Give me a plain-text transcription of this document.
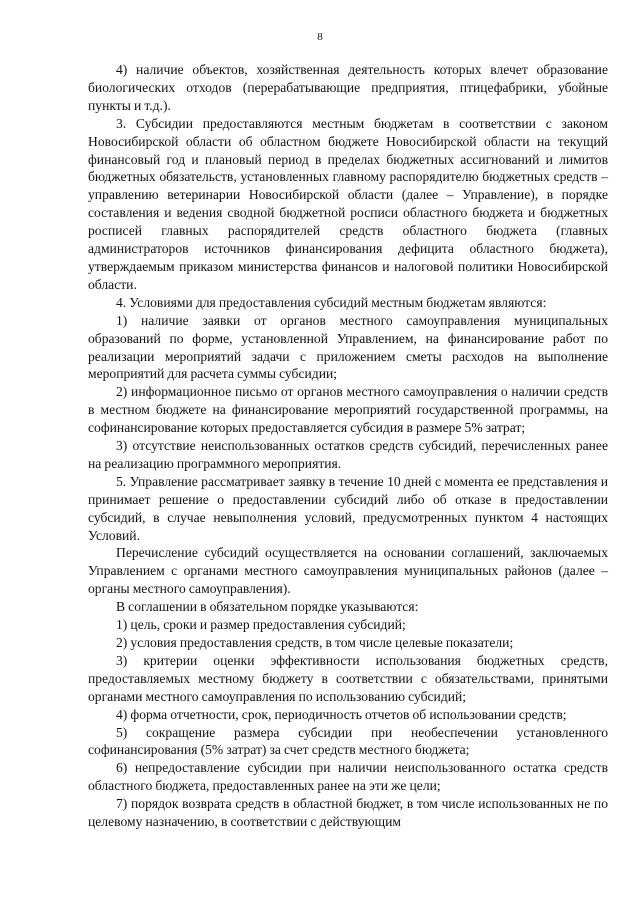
8

4) наличие объектов, хозяйственная деятельность которых влечет образование биологических отходов (перерабатывающие предприятия, птицефабрики, убойные пункты и т.д.).

3. Субсидии предоставляются местным бюджетам в соответствии с законом Новосибирской области об областном бюджете Новосибирской области на текущий финансовый год и плановый период в пределах бюджетных ассигнований и лимитов бюджетных обязательств, установленных главному распорядителю бюджетных средств – управлению ветеринарии Новосибирской области (далее – Управление), в порядке составления и ведения сводной бюджетной росписи областного бюджета и бюджетных росписей главных распорядителей средств областного бюджета (главных администраторов источников финансирования дефицита областного бюджета), утверждаемым приказом министерства финансов и налоговой политики Новосибирской области.

4. Условиями для предоставления субсидий местным бюджетам являются:

1) наличие заявки от органов местного самоуправления муниципальных образований по форме, установленной Управлением, на финансирование работ по реализации мероприятий задачи с приложением сметы расходов на выполнение мероприятий для расчета суммы субсидии;

2) информационное письмо от органов местного самоуправления о наличии средств в местном бюджете на финансирование мероприятий государственной программы, на софинансирование которых предоставляется субсидия в размере 5% затрат;

3) отсутствие неиспользованных остатков средств субсидий, перечисленных ранее на реализацию программного мероприятия.

5. Управление рассматривает заявку в течение 10 дней с момента ее представления и принимает решение о предоставлении субсидий либо об отказе в предоставлении субсидий, в случае невыполнения условий, предусмотренных пунктом 4 настоящих Условий.

Перечисление субсидий осуществляется на основании соглашений, заключаемых Управлением с органами местного самоуправления муниципальных районов (далее – органы местного самоуправления).

В соглашении в обязательном порядке указываются:

1) цель, сроки и размер предоставления субсидий;

2) условия предоставления средств, в том числе целевые показатели;

3) критерии оценки эффективности использования бюджетных средств, предоставляемых местному бюджету в соответствии с обязательствами, принятыми органами местного самоуправления по использованию субсидий;

4) форма отчетности, срок, периодичность отчетов об использовании средств;

5) сокращение размера субсидии при необеспечении установленного софинансирования (5% затрат) за счет средств местного бюджета;

6) непредоставление субсидии при наличии неиспользованного остатка средств областного бюджета, предоставленных ранее на эти же цели;

7) порядок возврата средств в областной бюджет, в том числе использованных не по целевому назначению, в соответствии с действующим
